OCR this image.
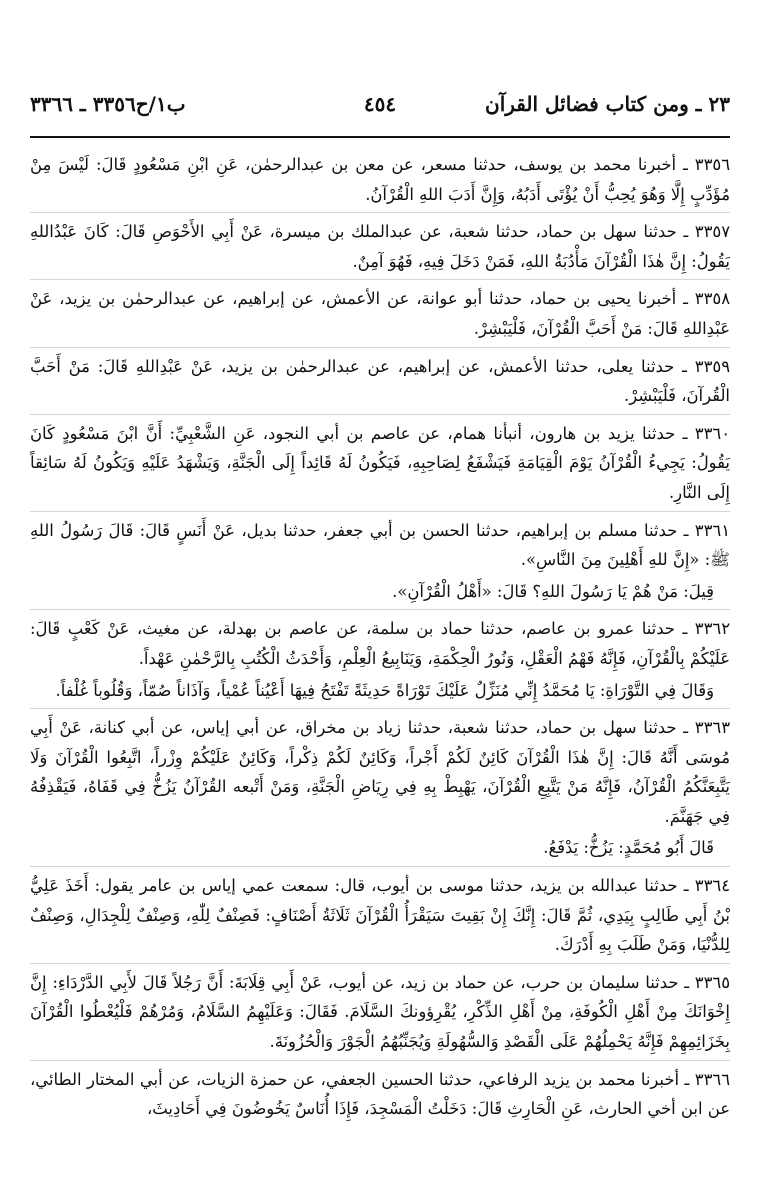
٢٣ ـ ومن كتاب فضائل القرآن
٤٥٤
ب١/ح٣٣٥٦ ـ ٣٣٦٦

٣٣٥٦ ـ أخبرنا محمد بن يوسف، حدثنا مسعر، عن معن بن عبدالرحمٰن، عَنِ ابْنِ مَسْعُودٍ قَالَ: لَيْسَ مِنْ مُؤَدِّبٍ إِلَّا وَهُوَ يُحِبُّ أَنْ يُؤْتَى أَدَبُهُ، وَإِنَّ أَدَبَ اللهِ الْقُرْآنُ.

٣٣٥٧ ـ حدثنا سهل بن حماد، حدثنا شعبة، عن عبدالملك بن ميسرة، عَنْ أَبِي الأَحْوَصِ قَالَ: كَانَ عَبْدُاللهِ يَقُولُ: إِنَّ هٰذَا الْقُرْآنَ مَأْدُبَةُ اللهِ، فَمَنْ دَخَلَ فِيهِ، فَهُوَ آمِنٌ.

٣٣٥٨ ـ أخبرنا يحيى بن حماد، حدثنا أبو عوانة، عن الأعمش، عن إبراهيم، عن عبدالرحمٰن بن يزيد، عَنْ عَبْدِاللهِ قَالَ: مَنْ أَحَبَّ الْقُرْآنَ، فَلْيَبْشِرْ.

٣٣٥٩ ـ حدثنا يعلى، حدثنا الأعمش، عن إبراهيم، عن عبدالرحمٰن بن يزيد، عَنْ عَبْدِاللهِ قَالَ: مَنْ أَحَبَّ الْقُرآنَ، فَلْيَبْشِرْ.

٣٣٦٠ ـ حدثنا يزيد بن هارون، أنبأنا همام، عن عاصم بن أبي النجود، عَنِ الشَّعْبِيِّ: أَنَّ ابْنَ مَسْعُودٍ كَانَ يَقُولُ: يَجِيءُ الْقُرْآنُ يَوْمَ الْقِيَامَةِ فَيَشْفَعُ لِصَاحِبِهِ، فَيَكُونُ لَهُ قَائِداً إِلَى الْجَنَّةِ، وَيَشْهَدُ عَلَيْهِ وَيَكُونُ لَهُ سَائِقاً إِلَى النَّارِ.

٣٣٦١ ـ حدثنا مسلم بن إبراهيم، حدثنا الحسن بن أبي جعفر، حدثنا بديل، عَنْ أَنَسٍ قَالَ: قَالَ رَسُولُ اللهِ ﷺ: «إِنَّ للهِ أَهْلِينَ مِنَ النَّاسِ».

قِيلَ: مَنْ هُمْ يَا رَسُولَ اللهِ؟ قَالَ: «أَهْلُ الْقُرْآنِ».

٣٣٦٢ ـ حدثنا عمرو بن عاصم، حدثنا حماد بن سلمة، عن عاصم بن بهدلة، عن مغيث، عَنْ كَعْبٍ قَالَ: عَلَيْكُمْ بِالْقُرْآنِ، فَإِنَّهُ فَهْمُ الْعَقْلِ، وَنُورُ الْحِكْمَةِ، وَيَنَابِيعُ الْعِلْمِ، وَأَحْدَثُ الْكُتُبِ بِالرَّحْمٰنِ عَهْداً.

وَقَالَ فِي التَّوْرَاةِ: يَا مُحَمَّدُ إِنِّي مُنَزِّلٌ عَلَيْكَ تَوْرَاةً حَدِيثَةً تَفْتَحُ فِيهَا أَعْيُناً عُمْياً، وَآذَاناً صُمّاً، وَقُلُوباً غُلْفاً.

٣٣٦٣ ـ حدثنا سهل بن حماد، حدثنا شعبة، حدثنا زياد بن مخراق، عن أبي إياس، عن أبي كنانة، عَنْ أَبِي مُوسَى أَنَّهُ قَالَ: إِنَّ هٰذَا الْقُرْآنَ كَائِنٌ لَكُمْ أَجْراً، وَكَائِنٌ لَكُمْ ذِكْراً، وَكَائِنٌ عَلَيْكُمْ وِزْراً، اتَّبِعُوا الْقُرْآنَ وَلَا يَتَّبِعَنَّكُمُ الْقُرْآنُ، فَإِنَّهُ مَنْ يَتَّبِعِ الْقُرْآنَ، يَهْبِطْ بِهِ فِي رِيَاضِ الْجَنَّةِ، وَمَنْ أَتْبعه القُرْآنُ يَزُخُّ فِي قَفَاهُ، فَيَقْذِفُهُ فِي جَهَنَّمَ.

قَالَ أَبُو مُحَمَّدٍ: يَزُخُّ: يَدْفَعُ.

٣٣٦٤ ـ حدثنا عبدالله بن يزيد، حدثنا موسى بن أيوب، قال: سمعت عمي إياس بن عامر يقول: أَخَذَ عَلِيُّ بْنُ أَبِي طَالِبٍ بِيَدِي، ثُمَّ قَالَ: إِنَّكَ إِنْ بَقِيتَ سَيَقْرَأُ الْقُرْآنَ ثَلَاثَةُ أَصْنَافٍ: فَصِنْفٌ لِلّٰهِ، وَصِنْفٌ لِلْجِدَالِ، وَصِنْفٌ لِلدُّنْيَا، وَمَنْ طَلَبَ بِهِ أَدْرَكَ.

٣٣٦٥ ـ حدثنا سليمان بن حرب، عن حماد بن زيد، عن أيوب، عَنْ أَبِي قِلَابَةَ: أَنَّ رَجُلاً قَالَ لأَبِي الدَّرْدَاءِ: إِنَّ إِخْوَانَكَ مِنْ أَهْلِ الْكُوفَةِ، مِنْ أَهْلِ الذِّكْرِ، يُقْرِؤونكَ السَّلَامَ. فَقَالَ: وَعَلَيْهِمُ السَّلَامُ، وَمُرْهُمْ فَلْيُعْطُوا الْقُرْآنَ بِخَزَائِمِهِمْ فَإِنَّهُ يَحْمِلُهُمْ عَلَى الْقَصْدِ وَالسُّهُولَةِ وَيُجَنِّبُهُمُ الْجَوْرَ وَالْحُزُونَةَ.

٣٣٦٦ ـ أخبرنا محمد بن يزيد الرفاعي، حدثنا الحسين الجعفي، عن حمزة الزيات، عن أبي المختار الطائي، عن ابن أخي الحارث، عَنِ الْحَارِثِ قَالَ: دَخَلْتُ الْمَسْجِدَ، فَإِذَا أُنَاسٌ يَخُوضُونَ فِي أَحَادِيثَ،
